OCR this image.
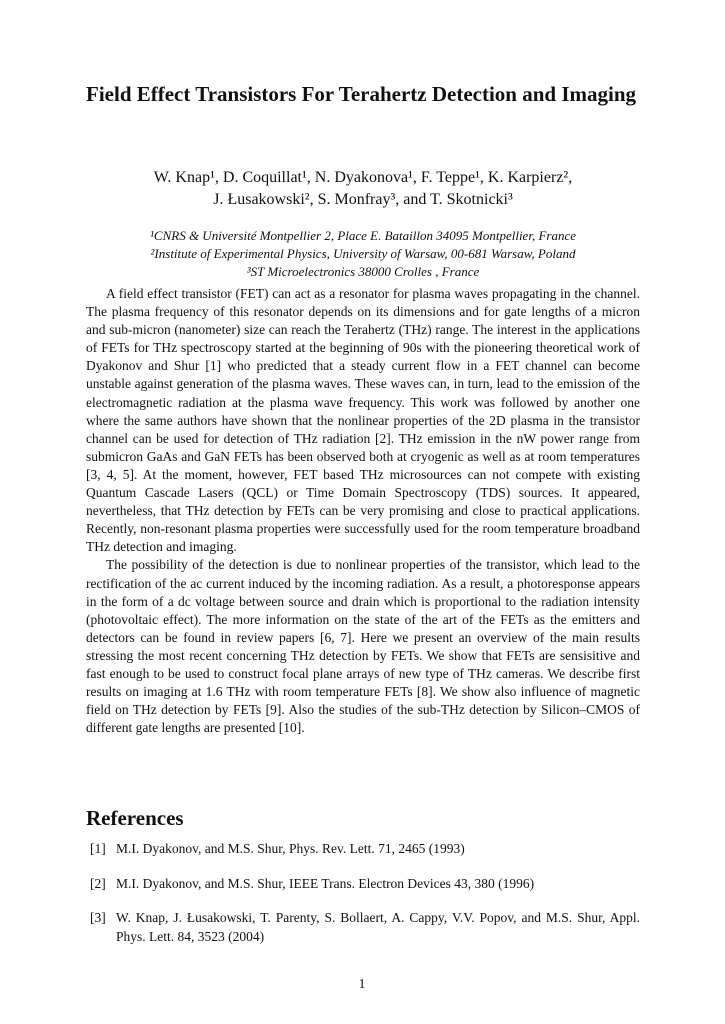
Field Effect Transistors For Terahertz Detection and Imaging
W. Knap¹, D. Coquillat¹, N. Dyakonova¹, F. Teppe¹, K. Karpierz²,
J. Łusakowski², S. Monfray³, and T. Skotnicki³
¹CNRS & Université Montpellier 2, Place E. Bataillon 34095 Montpellier, France
²Institute of Experimental Physics, University of Warsaw, 00-681 Warsaw, Poland
³ST Microelectronics 38000 Crolles , France

A field effect transistor (FET) can act as a resonator for plasma waves propagating in the channel. The plasma frequency of this resonator depends on its dimensions and for gate lengths of a micron and sub-micron (nanometer) size can reach the Terahertz (THz) range. The interest in the applications of FETs for THz spectroscopy started at the beginning of 90s with the pioneering theoretical work of Dyakonov and Shur [1] who predicted that a steady current flow in a FET channel can become unstable against generation of the plasma waves. These waves can, in turn, lead to the emission of the electromagnetic radiation at the plasma wave frequency. This work was followed by another one where the same authors have shown that the nonlinear properties of the 2D plasma in the transistor channel can be used for detection of THz radiation [2]. THz emission in the nW power range from submicron GaAs and GaN FETs has been observed both at cryogenic as well as at room temperatures [3, 4, 5]. At the moment, however, FET based THz microsources can not compete with existing Quantum Cascade Lasers (QCL) or Time Domain Spectroscopy (TDS) sources. It appeared, nevertheless, that THz detection by FETs can be very promising and close to practical applications. Recently, non-resonant plasma properties were successfully used for the room temperature broadband THz detection and imaging.

The possibility of the detection is due to nonlinear properties of the transistor, which lead to the rectification of the ac current induced by the incoming radiation. As a result, a photoresponse appears in the form of a dc voltage between source and drain which is proportional to the radiation intensity (photovoltaic effect). The more information on the state of the art of the FETs as the emitters and detectors can be found in review papers [6, 7]. Here we present an overview of the main results stressing the most recent concerning THz detection by FETs. We show that FETs are sensisitive and fast enough to be used to construct focal plane arrays of new type of THz cameras. We describe first results on imaging at 1.6 THz with room temperature FETs [8]. We show also influence of magnetic field on THz detection by FETs [9]. Also the studies of the sub-THz detection by Silicon–CMOS of different gate lengths are presented [10].

References
[1] M.I. Dyakonov, and M.S. Shur, Phys. Rev. Lett. 71, 2465 (1993)
[2] M.I. Dyakonov, and M.S. Shur, IEEE Trans. Electron Devices 43, 380 (1996)
[3] W. Knap, J. Łusakowski, T. Parenty, S. Bollaert, A. Cappy, V.V. Popov, and M.S. Shur, Appl. Phys. Lett. 84, 3523 (2004)
1
